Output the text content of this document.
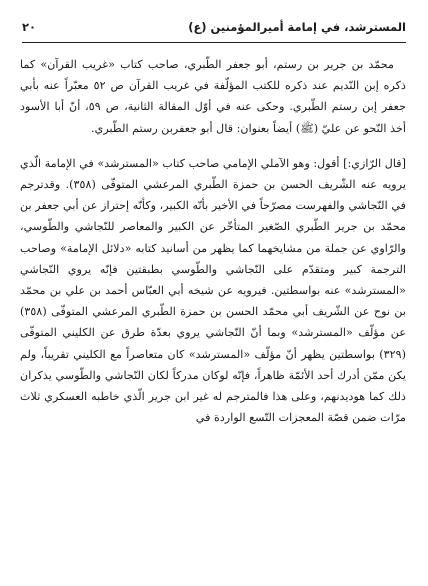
المسترشد، في إمامة أميرالمؤمنين (ع)
٢٠

محمّد بن جرير بن رستم، أبو جعفر الطّبري، صاحب كتاب «غريب القرآن» كما ذكره إبن النّديم عند ذكره للكتب المؤلّفة في غريب القرآن ص ٥٢ معبّراً عنه بأبي جعفر إبن رستم الطّبري. وحكى عنه في أوّل المقالة الثانية، ص ٥٩، أنّ أبا الأسود أخذ النّحو عن عليّ (ﷺ) أيضاً بعنوان: قال أبو جعفربن رستم الطّبري.

[قال الرّازي:] أقول: وهو الآملي الإمامي صاحب كتاب «المسترشد» في الإمامة الّذي يرويه عنه الشّريف الحسن بن حمزة الطّبري المرعشي المتوفّى (٣٥٨). وقدترجم في النّجاشي والفهرست مصرّحاً في الأخير بأنّه الكبير، وكأنّه إحتراز عن أبي جعفر بن محمّد بن جرير الطّبري الصّغير المتأخّر عن الكبير والمعاصر للنّجاشي والطّوسي، والرّاوي عن جملة من مشايخهما كما يظهر من أسانيد كتابه «دلائل الإمامة» وصاحب الترجمة كبير ومتقدّم على النّجاشي والطّوسي بطبقتين فإنّه يروي النّجاشي «المسترشد» عنه بواسطتين. فيرويه عن شيخه أبي العبّاس أحمد بن علي بن محمّد بن نوح عن الشّريف أبي محمّد الحسن بن حمزة الطّبري المرعشي المتوفّى (٣٥٨) عن مؤلّف «المسترشد» وبما أنّ النّجاشي يروي بعدّة طرق عن الكليني المتوفّى (٣٢٩) بواسطتين يظهر أنّ مؤلّف «المسترشد» كان متعاصراً مع الكليني تقريباً، ولم يكن ممّن أدرك أحد الأئمّة ظاهراً، فإنّه لوكان مدركاً لكان النّجاشي والطّوسي يذكران ذلك كما هوديدنهم، وعلى هذا فالمترجم له غير ابن جرير الّذي خاطبه العسكري ثلاث مرّات ضمن قصّة المعجزات التّسع الواردة في
